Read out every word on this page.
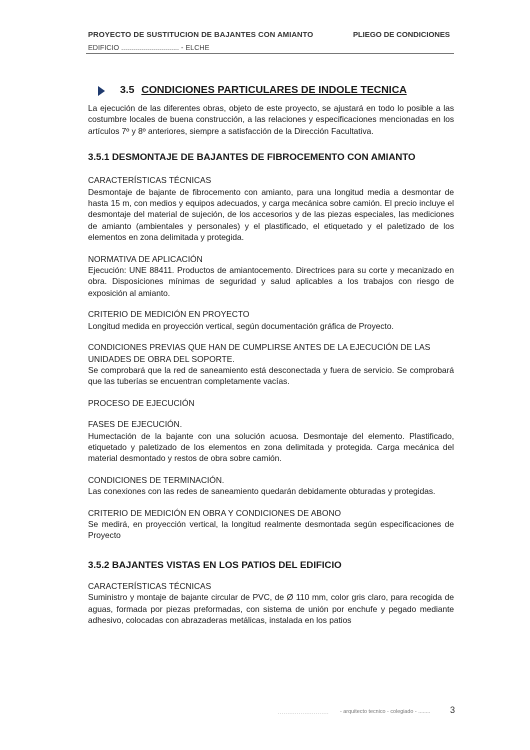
PROYECTO DE SUSTITUCION DE BAJANTES CON AMIANTO	PLIEGO DE CONDICIONES
EDIFICIO ............................. - ELCHE
3.5 CONDICIONES PARTICULARES DE INDOLE TECNICA

La ejecución de las diferentes obras, objeto de este proyecto, se ajustará en todo lo posible a las costumbre locales de buena construcción, a las relaciones y especificaciones mencionadas en los artículos 7º y 8º anteriores, siempre a satisfacción de la Dirección Facultativa.

3.5.1 DESMONTAJE DE BAJANTES DE FIBROCEMENTO CON AMIANTO
CARACTERÍSTICAS TÉCNICAS

Desmontaje de bajante de fibrocemento con amianto, para una longitud media a desmontar de hasta 15 m, con medios y equipos adecuados, y carga mecánica sobre camión. El precio incluye el desmontaje del material de sujeción, de los accesorios y de las piezas especiales, las mediciones de amianto (ambientales y personales) y el plastificado, el etiquetado y el paletizado de los elementos en zona delimitada y protegida.

NORMATIVA DE APLICACIÓN

Ejecución: UNE 88411. Productos de amiantocemento. Directrices para su corte y mecanizado en obra. Disposiciones mínimas de seguridad y salud aplicables a los trabajos con riesgo de exposición al amianto.

CRITERIO DE MEDICIÓN EN PROYECTO

Longitud medida en proyección vertical, según documentación gráfica de Proyecto.

CONDICIONES PREVIAS QUE HAN DE CUMPLIRSE ANTES DE LA EJECUCIÓN DE LAS UNIDADES DE OBRA DEL SOPORTE.

Se comprobará que la red de saneamiento está desconectada y fuera de servicio. Se comprobará que las tuberías se encuentran completamente vacías.

PROCESO DE EJECUCIÓN
FASES DE EJECUCIÓN.

Humectación de la bajante con una solución acuosa. Desmontaje del elemento. Plastificado, etiquetado y paletizado de los elementos en zona delimitada y protegida. Carga mecánica del material desmontado y restos de obra sobre camión.

CONDICIONES DE TERMINACIÓN.

Las conexiones con las redes de saneamiento quedarán debidamente obturadas y protegidas.

CRITERIO DE MEDICIÓN EN OBRA Y CONDICIONES DE ABONO

Se medirá, en proyección vertical, la longitud realmente desmontada según especificaciones de Proyecto

3.5.2 BAJANTES VISTAS EN LOS PATIOS DEL EDIFICIO
CARACTERÍSTICAS TÉCNICAS

Suministro y montaje de bajante circular de PVC, de Ø 110 mm, color gris claro, para recogida de aguas, formada por piezas preformadas, con sistema de unión por enchufe y pegado mediante adhesivo, colocadas con abrazaderas metálicas, instalada en los patios

........................... - arquitecto tecnico - colegiado - ........ 3
